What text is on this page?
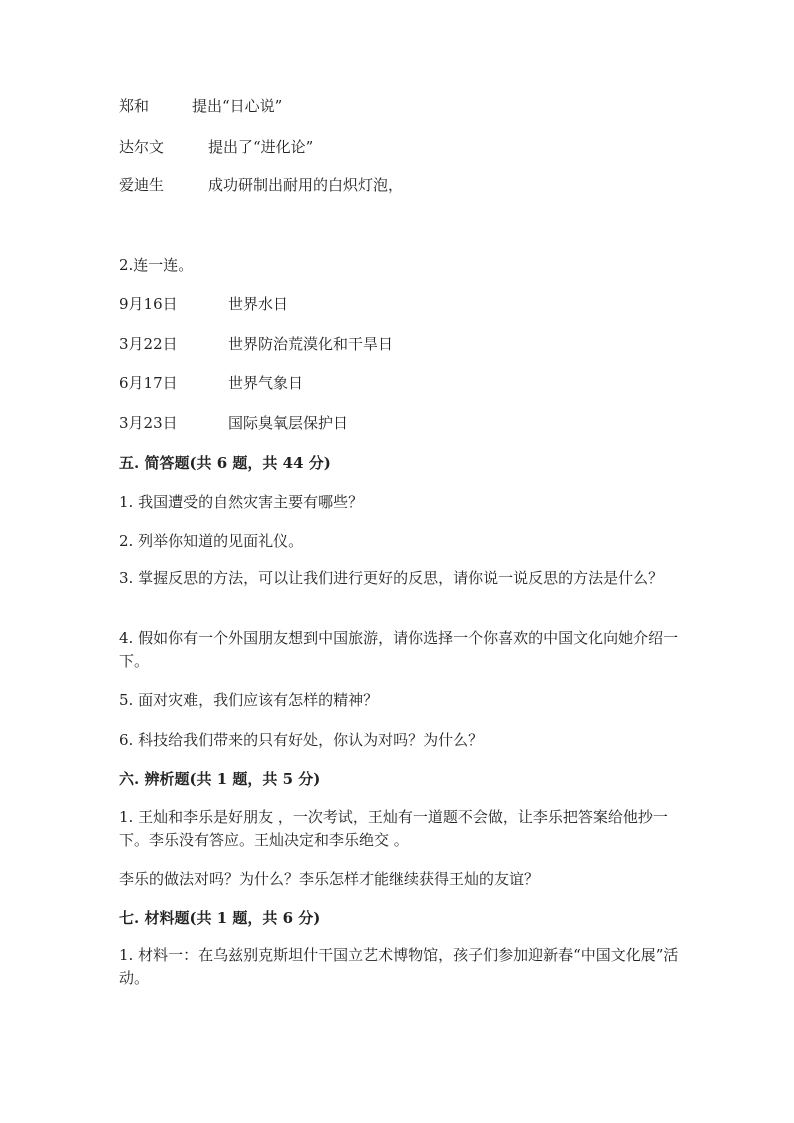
郑和	提出“日心说”
达尔文	提出了“进化论”
爱迪生	成功研制出耐用的白炽灯泡，
2.连一连。
9月16日	世界水日
3月22日	世界防治荒漠化和干旱日
6月17日	世界气象日
3月23日	国际臭氧层保护日
五. 简答题(共 6 题，共 44 分)
1. 我国遭受的自然灾害主要有哪些？
2. 列举你知道的见面礼仪。
3. 掌握反思的方法，可以让我们进行更好的反思，请你说一说反思的方法是什么？
4. 假如你有一个外国朋友想到中国旅游，请你选择一个你喜欢的中国文化向她介绍一下。
5. 面对灾难，我们应该有怎样的精神？
6. 科技给我们带来的只有好处，你认为对吗？为什么？
六. 辨析题(共 1 题，共 5 分)
1. 王灿和李乐是好朋友 ，一次考试，王灿有一道题不会做，让李乐把答案给他抄一下。李乐没有答应。王灿决定和李乐绝交 。
李乐的做法对吗？为什么？李乐怎样才能继续获得王灿的友谊？
七. 材料题(共 1 题，共 6 分)
1. 材料一：在乌兹别克斯坦什干国立艺术博物馆，孩子们参加迎新春“中国文化展”活动。
